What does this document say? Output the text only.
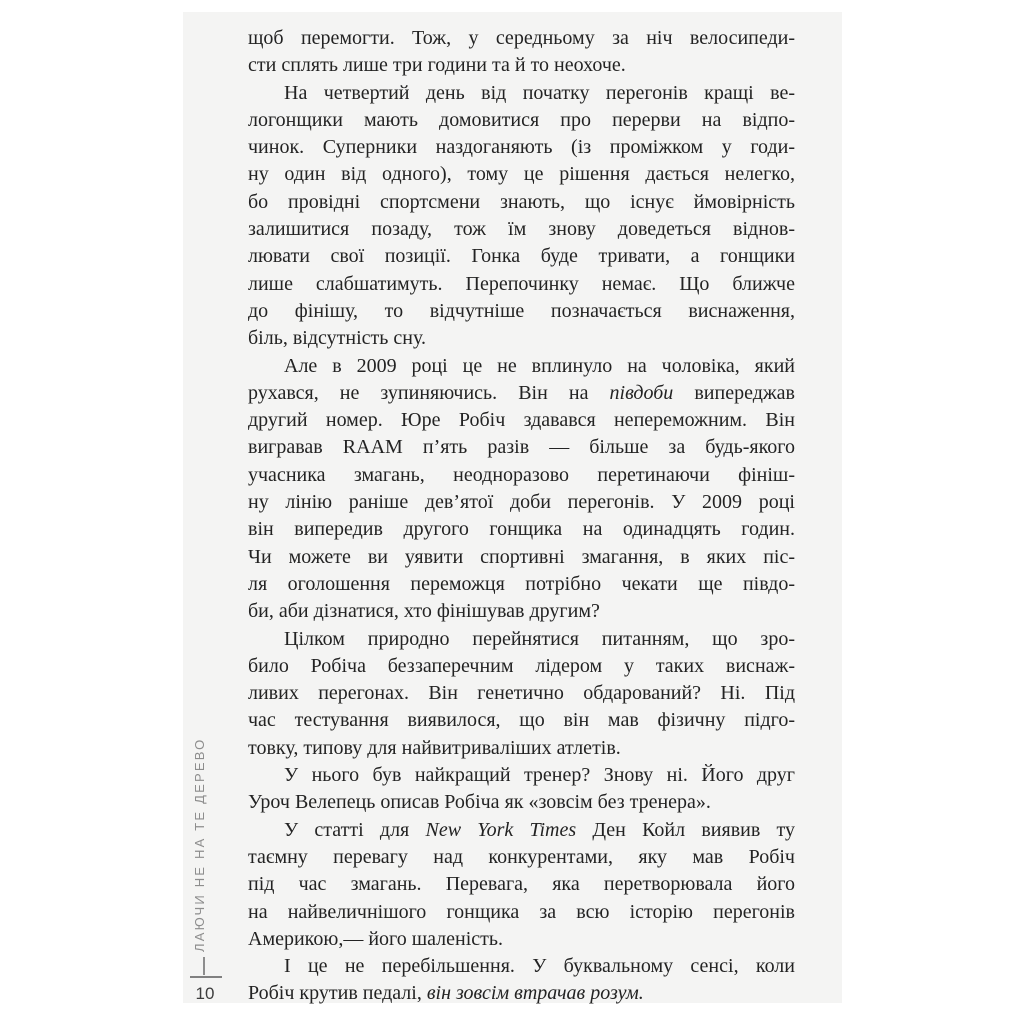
щоб перемогти. Тож, у середньому за ніч велосипеди-
сти сплять лише три години та й то неохоче.
На четвертий день від початку перегонів кращі ве-
логонщики мають домовитися про перерви на відпо-
чинок. Суперники наздоганяють (із проміжком у годи-
ну один від одного), тому це рішення дається нелегко,
бо провідні спортсмени знають, що існує ймовірність
залишитися позаду, тож їм знову доведеться віднов-
лювати свої позиції. Гонка буде тривати, а гонщики
лише слабшатимуть. Перепочинку немає. Що ближче
до фінішу, то відчутніше позначається виснаження,
біль, відсутність сну.
Але в 2009 році це не вплинуло на чоловіка, який
рухався, не зупиняючись. Він на півдоби випереджав
другий номер. Юре Робіч здавався непереможним. Він
вигравав RAAM п’ять разів — більше за будь-якого
учасника змагань, неодноразово перетинаючи фініш-
ну лінію раніше дев’ятої доби перегонів. У 2009 році
він випередив другого гонщика на одинадцять годин.
Чи можете ви уявити спортивні змагання, в яких піс-
ля оголошення переможця потрібно чекати ще півдо-
би, аби дізнатися, хто фінішував другим?
Цілком природно перейнятися питанням, що зро-
било Робіча беззаперечним лідером у таких виснаж-
ливих перегонах. Він генетично обдарований? Ні. Під
час тестування виявилося, що він мав фізичну підго-
товку, типову для найвитриваліших атлетів.
У нього був найкращий тренер? Знову ні. Його друг
Уроч Велепець описав Робіча як «зовсім без тренера».
У статті для New York Times Ден Койл виявив ту
таємну перевагу над конкурентами, яку мав Робіч
під час змагань. Перевага, яка перетворювала його
на найвеличнішого гонщика за всю історію перегонів
Америкою,— його шаленість.
І це не перебільшення. У буквальному сенсі, коли
Робіч крутив педалі, він зовсім втрачав розум.
ЛАЮЧИ НЕ НА ТЕ ДЕРЕВО
10
